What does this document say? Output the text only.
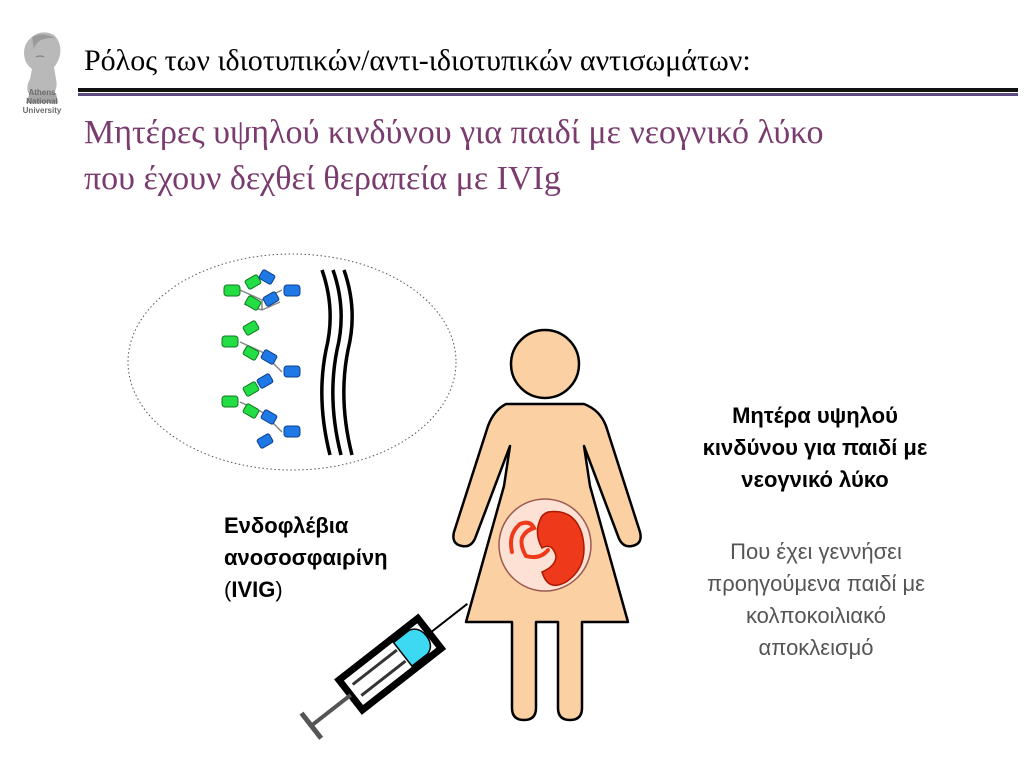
Athens
National
University
Ρόλος των ιδιοτυπικών/αντι-ιδιοτυπικών αντισωμάτων:
Μητέρες υψηλού κινδύνου για παιδί με νεογνικό λύκο
που έχουν δεχθεί θεραπεία με IVIg
Ενδοφλέβια
ανοσοσφαιρίνη
(IVIG)
Μητέρα υψηλού
κινδύνου για παιδί με
νεογνικό λύκο
Που έχει γεννήσει
προηγούμενα παιδί με
κολποκοιλιακό
αποκλεισμό
